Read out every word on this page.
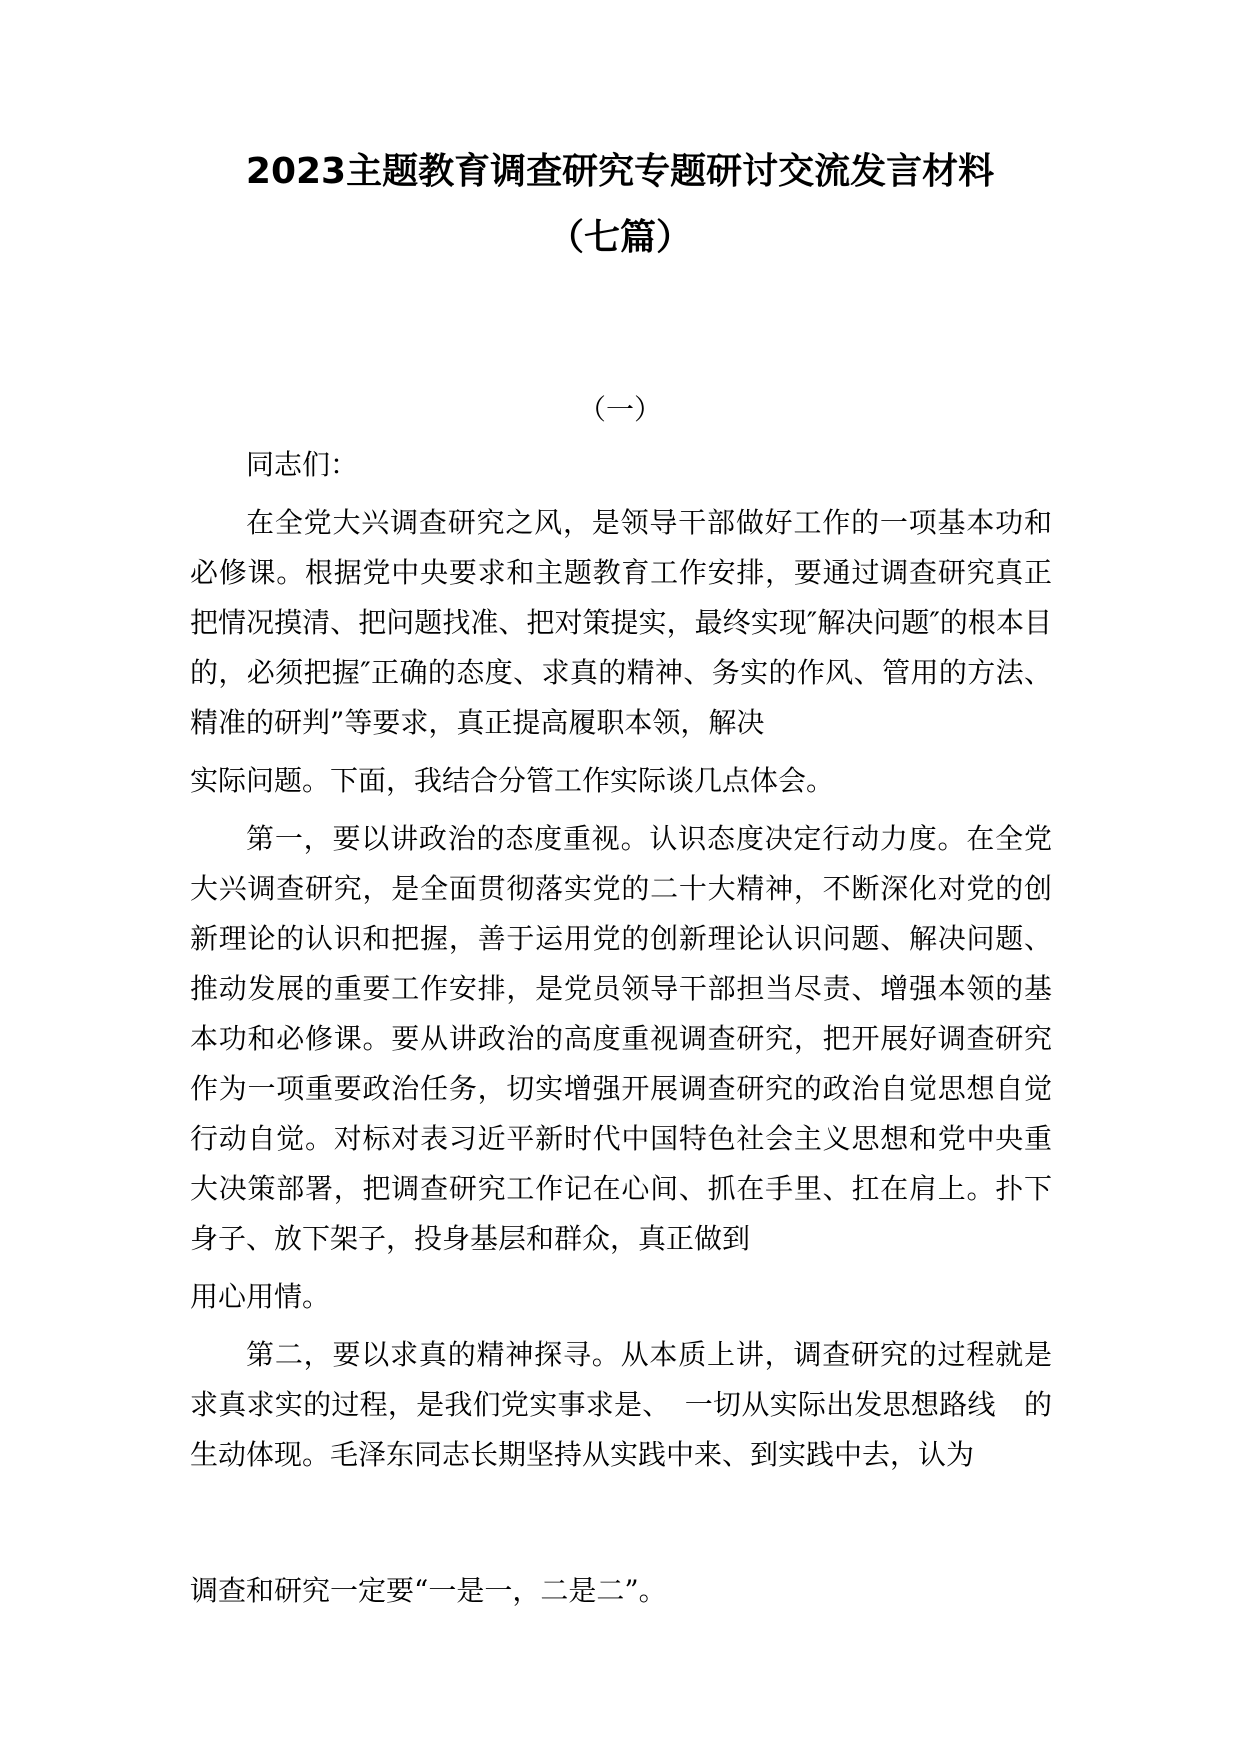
2023主题教育调查研究专题研讨交流发言材料
（七篇）

（一）

同志们：

在全党大兴调查研究之风，是领导干部做好工作的一项基本功和必修课。根据党中央要求和主题教育工作安排，要通过调查研究真正把情况摸清、把问题找准、把对策提实，最终实现″解决问题″的根本目的，必须把握″正确的态度、求真的精神、务实的作风、管用的方法、精准的研判”等要求，真正提高履职本领，解决
实际问题。下面，我结合分管工作实际谈几点体会。

第一，要以讲政治的态度重视。认识态度决定行动力度。在全党大兴调查研究，是全面贯彻落实党的二十大精神，不断深化对党的创新理论的认识和把握，善于运用党的创新理论认识问题、解决问题、推动发展的重要工作安排，是党员领导干部担当尽责、增强本领的基本功和必修课。要从讲政治的高度重视调查研究，把开展好调查研究作为一项重要政治任务，切实增强开展调查研究的政治自觉思想自觉行动自觉。对标对表习近平新时代中国特色社会主义思想和党中央重大决策部署，把调查研究工作记在心间、抓在手里、扛在肩上。扑下身子、放下架子，投身基层和群众，真正做到
用心用情。

第二，要以求真的精神探寻。从本质上讲，调查研究的过程就是求真求实的过程，是我们党实事求是、　一切从实际出发思想路线　的生动体现。毛泽东同志长期坚持从实践中来、到实践中去，认为

调查和研究一定要“一是一，二是二”。
